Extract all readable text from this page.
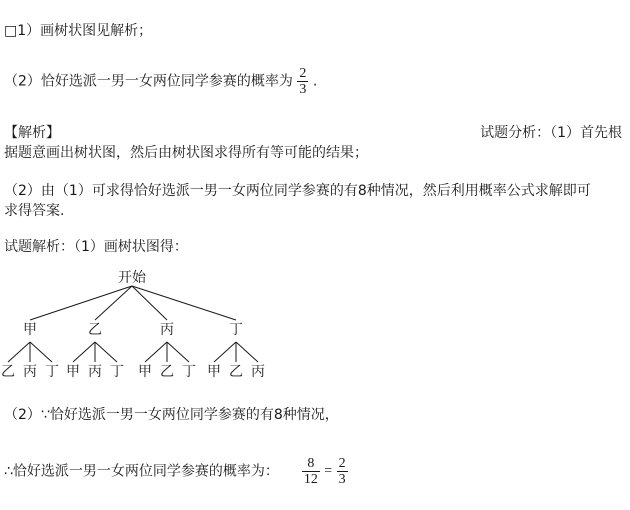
□1）画树状图见解析；
（2）恰好选派一男一女两位同学参赛的概率为 $\frac{2}{3}$ .
【解析】	试题分析：（1）首先根
据题意画出树状图，然后由树状图求得所有等可能的结果；
（2）由（1）可求得恰好选派一男一女两位同学参赛的有8种情况，然后利用概率公式求解即可
求得答案.
试题解析：（1）画树状图得：
开始
甲
乙 丙 丁
乙
甲 丙 丁
丙
甲 乙 丁
丁
甲 乙 丙
（2）∵恰好选派一男一女两位同学参赛的有8种情况，
∴恰好选派一男一女两位同学参赛的概率为： $\frac{8}{12} = \frac{2}{3}$
